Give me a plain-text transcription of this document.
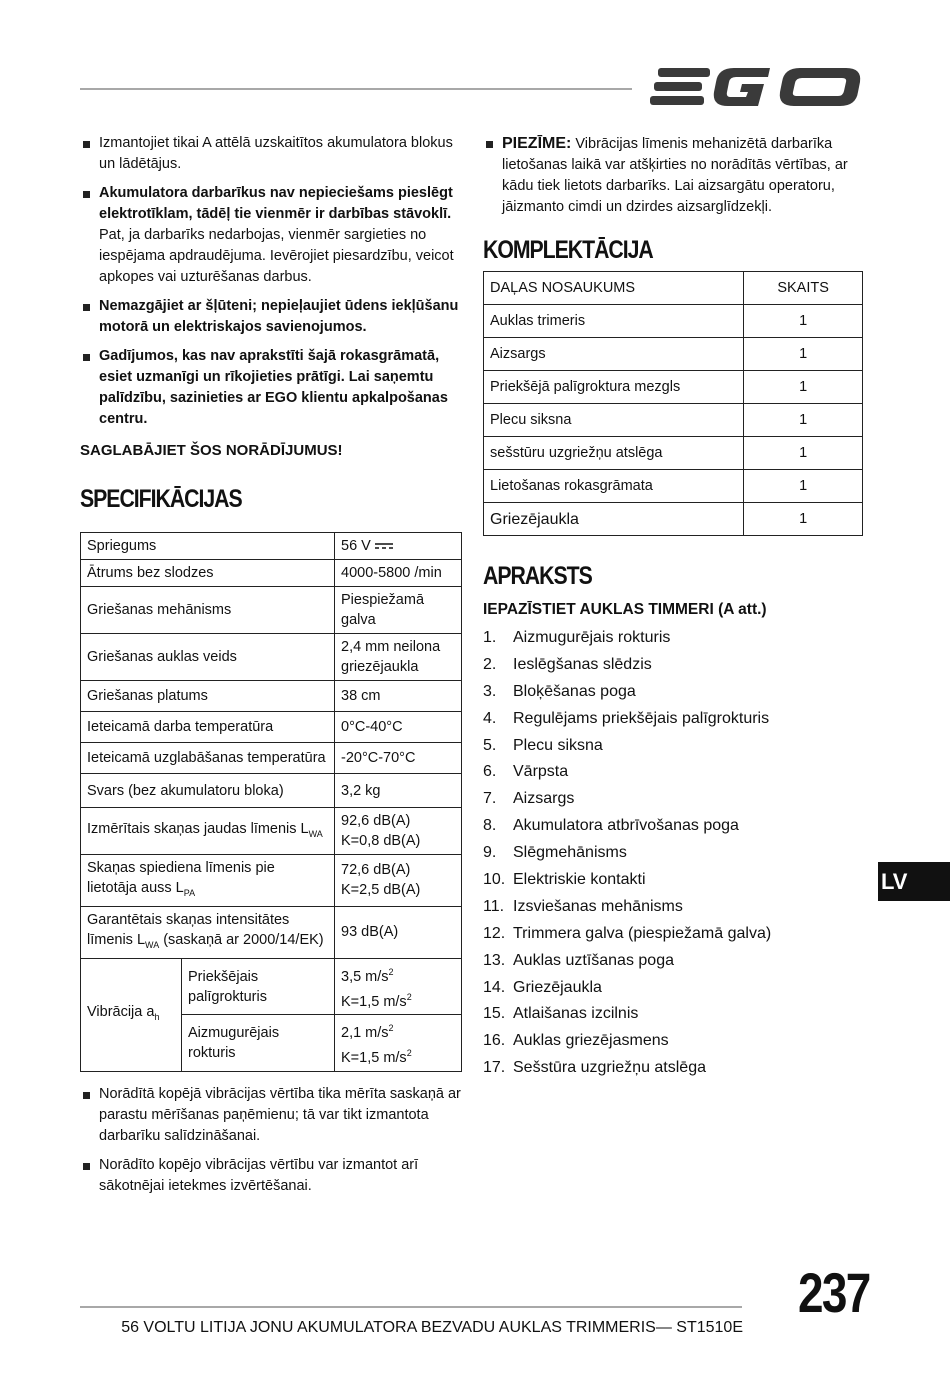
Izmantojiet tikai A attēlā uzskaitītos akumulatora blokus un lādētājus.
Akumulatora darbarīkus nav nepieciešams pieslēgt elektrotīklam, tādēļ tie vienmēr ir darbības stāvoklī. Pat, ja darbarīks nedarbojas, vienmēr sargieties no iespējama apdraudējuma. Ievērojiet piesardzību, veicot apkopes vai uzturēšanas darbus.
Nemazgājiet ar šļūteni; nepieļaujiet ūdens iekļūšanu motorā un elektriskajos savienojumos.
Gadījumos, kas nav aprakstīti šajā rokasgrāmatā, esiet uzmanīgi un rīkojieties prātīgi. Lai saņemtu palīdzību, sazinieties ar EGO klientu apkalpošanas centru.
SAGLABĀJIET ŠOS NORĀDĪJUMUS!
SPECIFIKĀCIJAS
Spriegums		56 V
Ātrums bez slodzes		4000-5800 /min
Griešanas mehānisms		Piespiežamā galva
Griešanas auklas veids		2,4 mm neilona griezējaukla
Griešanas platums		38 cm
Ieteicamā darba temperatūra		0°C-40°C
Ieteicamā uzglabāšanas temperatūra		-20°C-70°C
Svars (bez akumulatoru bloka)		3,2 kg
Izmērītais skaņas jaudas līmenis $L_{WA}$		92,6 dB(A)
K=0,8 dB(A)
Skaņas spiediena līmenis pie lietotāja auss $L_{PA}$		72,6 dB(A)
K=2,5 dB(A)
Garantētais skaņas intensitātes līmenis $L_{WA}$ (saskaņā ar 2000/14/EK)		93 dB(A)
Vibrācija $a_h$	Priekšējais palīgrokturis	3,5 $m/s^2$
K=1,5 $m/s^2$
	Aizmugurējais rokturis	2,1 $m/s^2$
K=1,5 $m/s^2$
Norādītā kopējā vibrācijas vērtība tika mērīta saskaņā ar parastu mērīšanas paņēmienu; tā var tikt izmantota darbarīku salīdzināšanai.
Norādīto kopējo vibrācijas vērtību var izmantot arī sākotnējai ietekmes izvērtēšanai.
PIEZĪME: Vibrācijas līmenis mehanizētā darbarīka lietošanas laikā var atšķirties no norādītās vērtības, ar kādu tiek lietots darbarīks. Lai aizsargātu operatoru, jāizmanto cimdi un dzirdes aizsarglīdzekļi.
KOMPLEKTĀCIJA
DAĻAS NOSAUKUMS	SKAITS
Auklas trimeris	1
Aizsargs	1
Priekšējā palīgroktura mezgls	1
Plecu siksna	1
sešstūru uzgriežņu atslēga	1
Lietošanas rokasgrāmata	1
Griezējaukla	1
APRAKSTS
IEPAZĪSTIET AUKLAS TIMMERI (A att.)
1.	Aizmugurējais rokturis
2.	Ieslēgšanas slēdzis
3.	Bloķēšanas poga
4.	Regulējams priekšējais palīgrokturis
5.	Plecu siksna
6.	Vārpsta
7.	Aizsargs
8.	Akumulatora atbrīvošanas poga
9.	Slēgmehānisms
10. Elektriskie kontakti
11. Izsviešanas mehānisms
12. Trimmera galva (piespiežamā galva)
13. Auklas uztīšanas poga
14. Griezējaukla
15. Atlaišanas izcilnis
16. Auklas griezējasmens
17. Sešstūra uzgriežņu atslēga
LV
56 VOLTU LITIJA JONU AKUMULATORA BEZVADU AUKLAS TRIMMERIS— ST1510E
237
